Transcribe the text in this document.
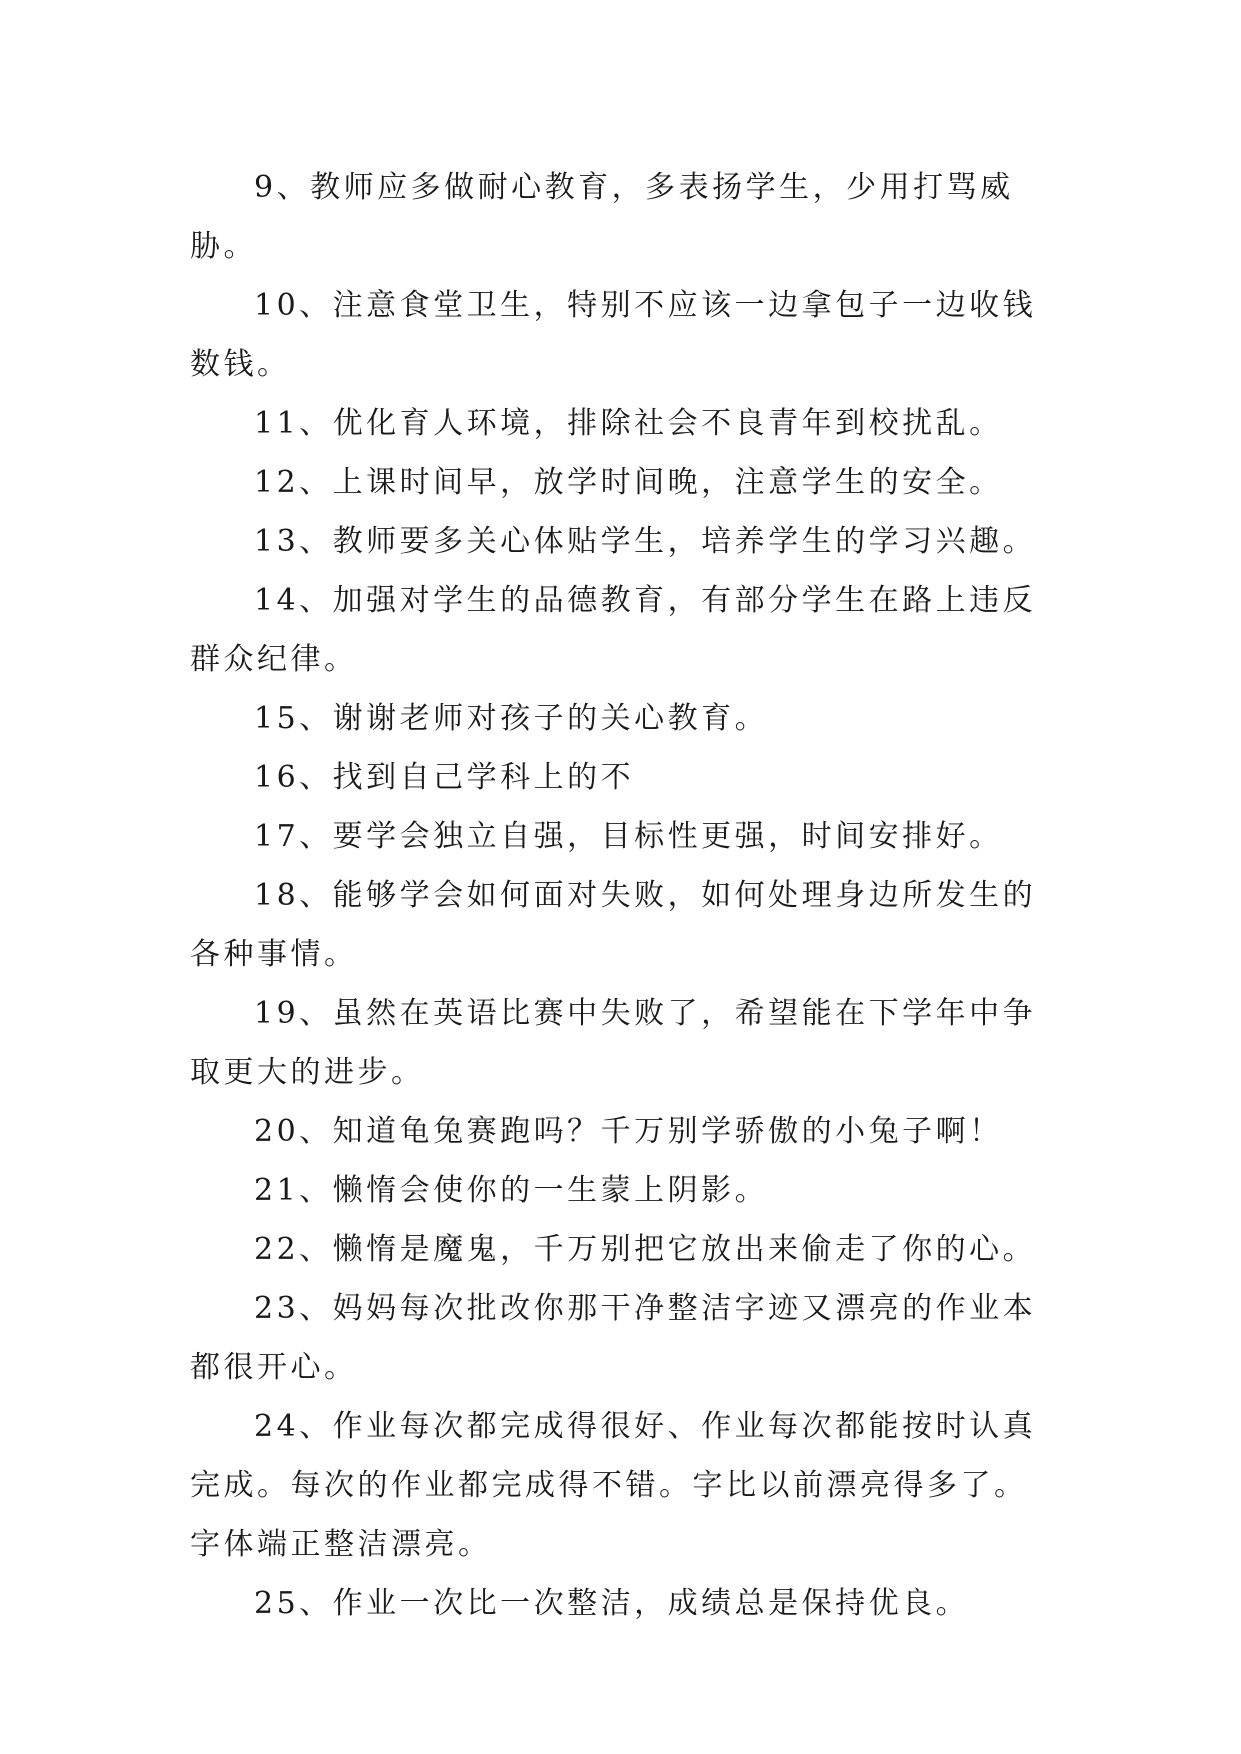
9、教师应多做耐心教育，多表扬学生，少用打骂威胁。

10、注意食堂卫生，特别不应该一边拿包子一边收钱数钱。

11、优化育人环境，排除社会不良青年到校扰乱。

12、上课时间早，放学时间晚，注意学生的安全。

13、教师要多关心体贴学生，培养学生的学习兴趣。

14、加强对学生的品德教育，有部分学生在路上违反群众纪律。

15、谢谢老师对孩子的关心教育。

16、找到自己学科上的不

17、要学会独立自强，目标性更强，时间安排好。

18、能够学会如何面对失败，如何处理身边所发生的各种事情。

19、虽然在英语比赛中失败了，希望能在下学年中争取更大的进步。

20、知道龟兔赛跑吗？千万别学骄傲的小兔子啊！

21、懒惰会使你的一生蒙上阴影。

22、懒惰是魔鬼，千万别把它放出来偷走了你的心。

23、妈妈每次批改你那干净整洁字迹又漂亮的作业本都很开心。

24、作业每次都完成得很好、作业每次都能按时认真完成。每次的作业都完成得不错。字比以前漂亮得多了。字体端正整洁漂亮。

25、作业一次比一次整洁，成绩总是保持优良。
